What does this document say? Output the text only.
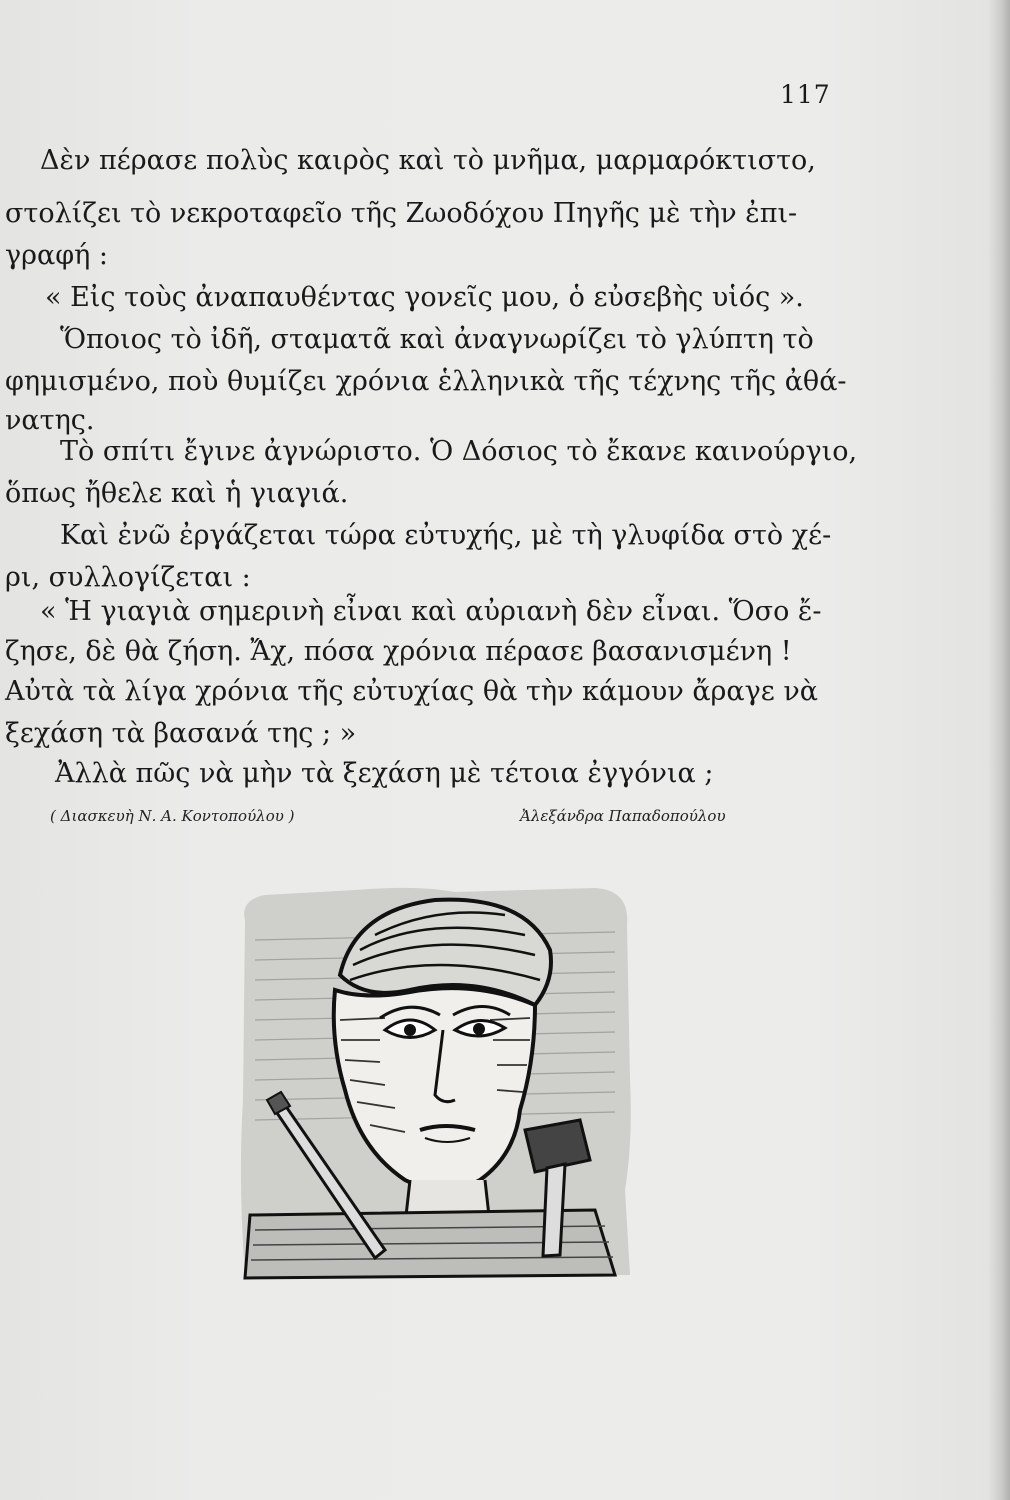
117
Δὲν πέρασε πολὺς καιρὸς καὶ τὸ μνῆμα, μαρμαρόκτιστο,
στολίζει τὸ νεκροταφεῖο τῆς Ζωοδόχου Πηγῆς μὲ τὴν ἐπι-
γραφή :
« Εἰς τοὺς ἀναπαυθέντας γονεῖς μου, ὁ εὐσεβὴς υἱός ».
Ὅποιος τὸ ἰδῆ, σταματᾶ καὶ ἀναγνωρίζει τὸ γλύπτη τὸ
φημισμένο, ποὺ θυμίζει χρόνια ἑλληνικὰ τῆς τέχνης τῆς ἀθά-
νατης.
Τὸ σπίτι ἔγινε ἀγνώριστο. Ὁ Δόσιος τὸ ἔκανε καινούργιο,
ὅπως ἤθελε καὶ ἡ γιαγιά.
Καὶ ἐνῶ ἐργάζεται τώρα εὐτυχής, μὲ τὴ γλυφίδα στὸ χέ-
ρι, συλλογίζεται :
« Ἡ γιαγιὰ σημερινὴ εἶναι καὶ αὐριανὴ δὲν εἶναι. Ὅσο ἔ-
ζησε, δὲ θὰ ζήση. Ἄχ, πόσα χρόνια πέρασε βασανισμένη !
Αὐτὰ τὰ λίγα χρόνια τῆς εὐτυχίας θὰ τὴν κάμουν ἄραγε νὰ
ξεχάση τὰ βασανά της ; »
Ἀλλὰ πῶς νὰ μὴν τὰ ξεχάση μὲ τέτοια ἐγγόνια ;
( Διασκευὴ Ν. Α. Κοντοπούλου )	Ἀλεξάνδρα Παπαδοπούλου
